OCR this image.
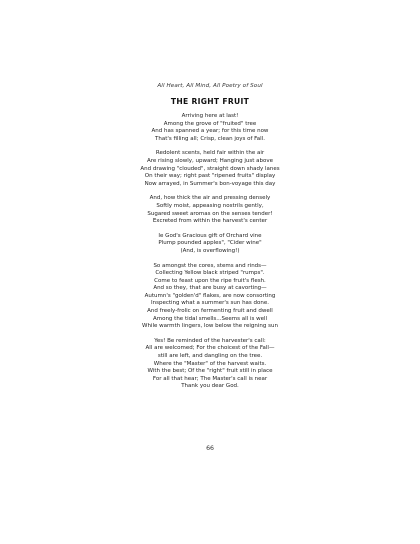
All Heart, All Mind, All Poetry of Soul
THE RIGHT FRUIT

Arriving here at last!
Among the grove of "fruited" tree
And has spanned a year; for this time now
That's filling all; Crisp, clean joys of Fall.

Redolent scents, held fair within the air
Are rising slowly, upward; Hanging just above
And drawing "clouded", straight down shady lanes
On their way; right past "ripened fruits" display
Now arrayed, in Summer's bon-voyage this day

And, how thick the air and pressing densely
Softly moist, appeasing nostrils gently,
Sugared sweet aromas on the senses tender!
Excreted from within the harvest's center

Ie God's Gracious gift of Orchard vine
Plump pounded apples", "Cider wine"
(And, is overflowing!)

So amongst the cores, stems and rinds—
Collecting Yellow black striped "rumps".
Come to feast upon the ripe fruit's flesh.
And so they, that are busy at cavorting—
Autumn's "golden'd" flakes, are now consorting
Inspecting what a summer's sun has done.
And freely-frolic on fermenting fruit and dwell
Among the tidal smells...Seems all is well
While warmth lingers, low below the reigning sun

Yes! Be reminded of the harvester's call:
All are welcomed; For the choicest of the Fall—
still are left, and dangling on the tree.
Where the "Master" of the harvest waits.
With the best; Of the "right" fruit still in place
For all that hear; The Master's call is near
Thank you dear God.

66
